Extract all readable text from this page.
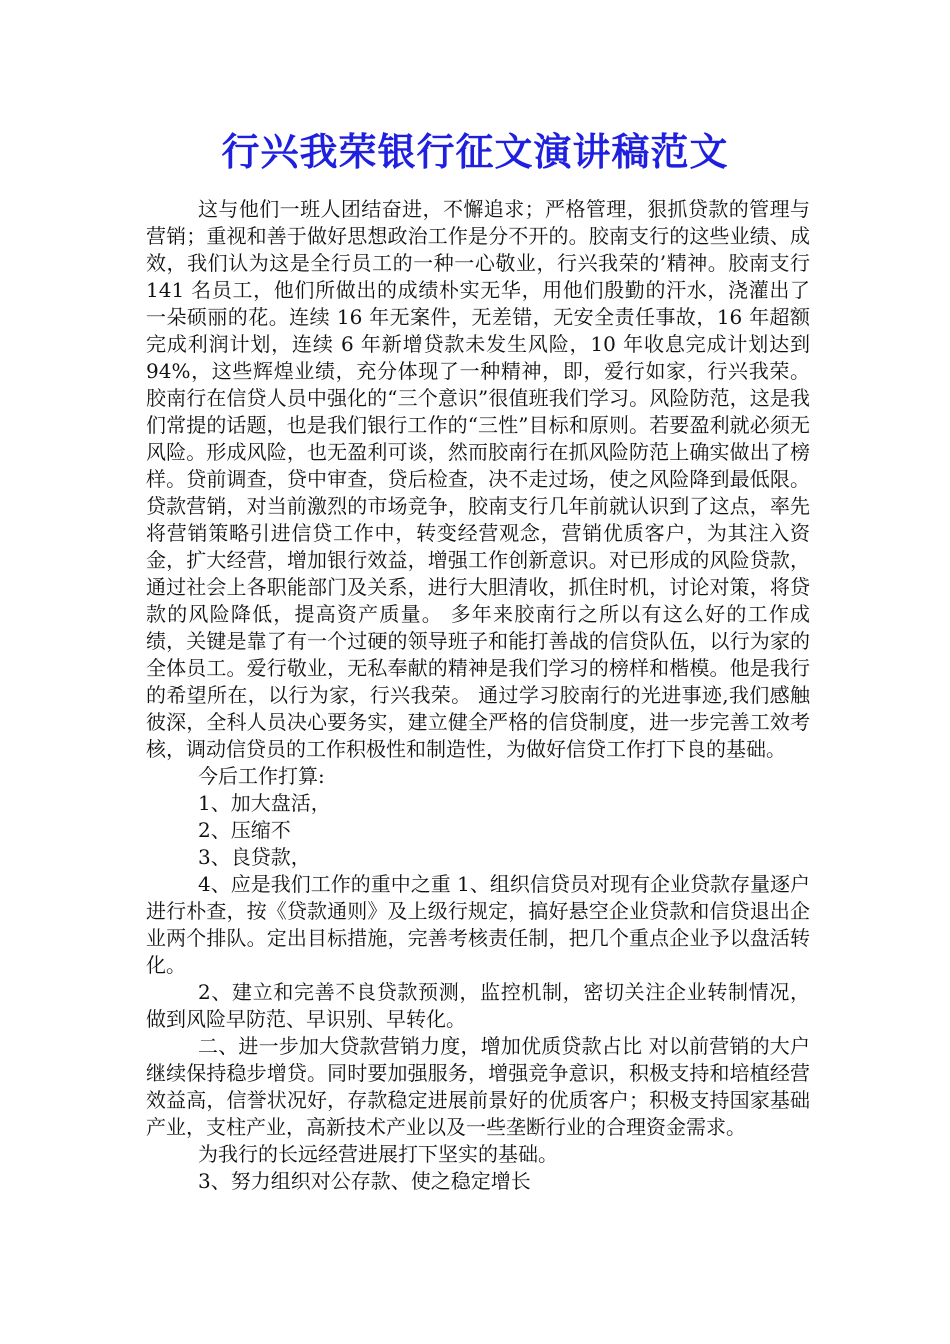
行兴我荣银行征文演讲稿范文

这与他们一班人团结奋进，不懈追求；严格管理，狠抓贷款的管理与营销；重视和善于做好思想政治工作是分不开的。胶南支行的这些业绩、成效，我们认为这是全行员工的一种一心敬业，行兴我荣的’精神。胶南支行 141 名员工，他们所做出的成绩朴实无华，用他们殷勤的汗水，浇灌出了一朵硕丽的花。连续 16 年无案件，无差错，无安全责任事故，16 年超额完成利润计划，连续 6 年新增贷款未发生风险，10 年收息完成计划达到 94%，这些辉煌业绩，充分体现了一种精神，即，爱行如家，行兴我荣。 胶南行在信贷人员中强化的“三个意识”很值班我们学习。风险防范，这是我们常提的话题，也是我们银行工作的“三性”目标和原则。若要盈利就必须无风险。形成风险，也无盈利可谈，然而胶南行在抓风险防范上确实做出了榜样。贷前调查，贷中审查，贷后检查，决不走过场，使之风险降到最低限。贷款营销，对当前激烈的市场竞争，胶南支行几年前就认识到了这点，率先将营销策略引进信贷工作中，转变经营观念，营销优质客户，为其注入资金，扩大经营，增加银行效益，增强工作创新意识。对已形成的风险贷款，通过社会上各职能部门及关系，进行大胆清收，抓住时机，讨论对策，将贷款的风险降低，提高资产质量。 多年来胶南行之所以有这么好的工作成绩，关键是靠了有一个过硬的领导班子和能打善战的信贷队伍，以行为家的全体员工。爱行敬业，无私奉献的精神是我们学习的榜样和楷模。他是我行的希望所在，以行为家，行兴我荣。 通过学习胶南行的光进事迹,我们感触彼深，全科人员决心要务实，建立健全严格的信贷制度，进一步完善工效考核，调动信贷员的工作积极性和制造性，为做好信贷工作打下良的基础。

今后工作打算:

1、加大盘活，

2、压缩不

3、良贷款，

4、应是我们工作的重中之重 1、组织信贷员对现有企业贷款存量逐户进行朴查，按《贷款通则》及上级行规定，搞好悬空企业贷款和信贷退出企业两个排队。定出目标措施，完善考核责任制，把几个重点企业予以盘活转化。

2、建立和完善不良贷款预测，监控机制，密切关注企业转制情况，做到风险早防范、早识别、早转化。

二、进一步加大贷款营销力度，增加优质贷款占比 对以前营销的大户继续保持稳步增贷。同时要加强服务，增强竞争意识，积极支持和培植经营效益高，信誉状况好，存款稳定进展前景好的优质客户；积极支持国家基础产业，支柱产业，高新技术产业以及一些垄断行业的合理资金需求。

为我行的长远经营进展打下坚实的基础。

3、努力组织对公存款、使之稳定增长
